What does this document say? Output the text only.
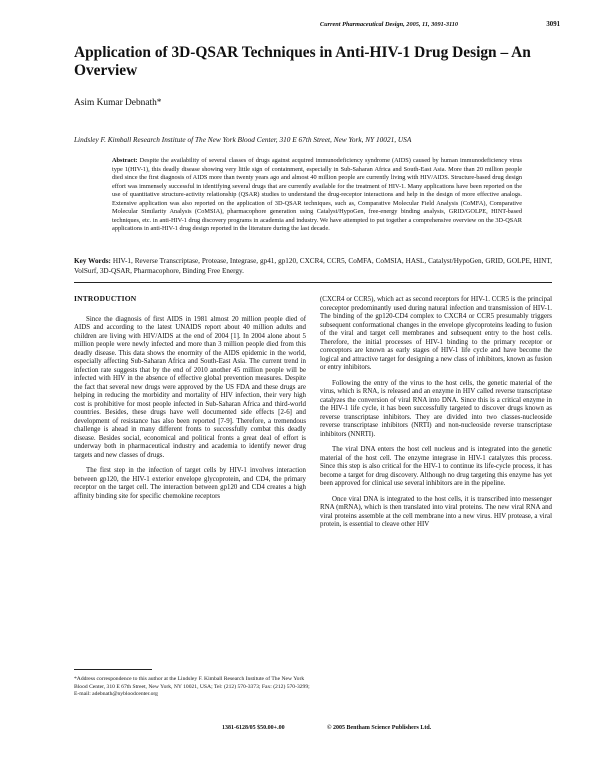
Current Pharmaceutical Design, 2005, 11, 3091-3110	3091
Application of 3D-QSAR Techniques in Anti-HIV-1 Drug Design – An Overview
Asim Kumar Debnath*
Lindsley F. Kimball Research Institute of The New York Blood Center, 310 E 67th Street, New York, NY 10021, USA

Abstract: Despite the availability of several classes of drugs against acquired immunodeficiency syndrome (AIDS) caused by human immunodeficiency virus type 1(HIV-1), this deadly disease showing very little sign of containment, especially in Sub-Saharan Africa and South-East Asia. More than 20 million people died since the first diagnosis of AIDS more than twenty years ago and almost 40 million people are currently living with HIV/AIDS. Structure-based drug design effort was immensely successful in identifying several drugs that are currently available for the treatment of HIV-1. Many applications have been reported on the use of quantitative structure-activity relationship (QSAR) studies to understand the drug-receptor interactions and help in the design of more effective analogs. Extensive application was also reported on the application of 3D-QSAR techniques, such as, Comparative Molecular Field Analysis (CoMFA), Comparative Molecular Similarity Analysis (CoMSIA), pharmacophore generation using Catalyst/HypoGen, free-energy binding analysis, GRID/GOLPE, HINT-based techniques, etc. in anti-HIV-1 drug discovery programs in academia and industry. We have attempted to put together a comprehensive overview on the 3D-QSAR applications in anti-HIV-1 drug design reported in the literature during the last decade.

Key Words: HIV-1, Reverse Transcriptase, Protease, Integrase, gp41, gp120, CXCR4, CCR5, CoMFA, CoMSIA, HASL, Catalyst/HypoGen, GRID, GOLPE, HINT, VolSurf, 3D-QSAR, Pharmacophore, Binding Free Energy.

INTRODUCTION

Since the diagnosis of first AIDS in 1981 almost 20 million people died of AIDS and according to the latest UNAIDS report about 40 million adults and children are living with HIV/AIDS at the end of 2004 [1]. In 2004 alone about 5 million people were newly infected and more than 3 million people died from this deadly disease. This data shows the enormity of the AIDS epidemic in the world, especially affecting Sub-Saharan Africa and South-East Asia. The current trend in infection rate suggests that by the end of 2010 another 45 million people will be infected with HIV in the absence of effective global prevention measures. Despite the fact that several new drugs were approved by the US FDA and these drugs are helping in reducing the morbidity and mortality of HIV infection, their very high cost is prohibitive for most people infected in Sub-Saharan Africa and third-world countries. Besides, these drugs have well documented side effects [2-6] and development of resistance has also been reported [7-9]. Therefore, a tremendous challenge is ahead in many different fronts to successfully combat this deadly disease. Besides social, economical and political fronts a great deal of effort is underway both in pharmaceutical industry and academia to identify newer drug targets and new classes of drugs.

The first step in the infection of target cells by HIV-1 involves interaction between gp120, the HIV-1 exterior envelope glycoprotein, and CD4, the primary receptor on the target cell. The interaction between gp120 and CD4 creates a high affinity binding site for specific chemokine receptors

(CXCR4 or CCR5), which act as second receptors for HIV-1. CCR5 is the principal coreceptor predominantly used during natural infection and transmission of HIV-1. The binding of the gp120-CD4 complex to CXCR4 or CCR5 presumably triggers subsequent conformational changes in the envelope glycoproteins leading to fusion of the viral and target cell membranes and subsequent entry to the host cells. Therefore, the initial processes of HIV-1 binding to the primary receptor or coreceptors are known as early stages of HIV-1 life cycle and have become the logical and attractive target for designing a new class of inhibitors, known as fusion or entry inhibitors.

Following the entry of the virus to the host cells, the genetic material of the virus, which is RNA, is released and an enzyme in HIV called reverse transcriptase catalyzes the conversion of viral RNA into DNA. Since this is a critical enzyme in the HIV-1 life cycle, it has been successfully targeted to discover drugs known as reverse transcriptase inhibitors. They are divided into two classes-nucleoside reverse transcriptase inhibitors (NRTI) and non-nucleoside reverse transcriptase inhibitors (NNRTI).

The viral DNA enters the host cell nucleus and is integrated into the genetic material of the host cell. The enzyme integrase in HIV-1 catalyzes this process. Since this step is also critical for the HIV-1 to continue its life-cycle process, it has become a target for drug discovery. Although no drug targeting this enzyme has yet been approved for clinical use several inhibitors are in the pipeline.

Once viral DNA is integrated to the host cells, it is transcribed into messenger RNA (mRNA), which is then translated into viral proteins. The new viral RNA and viral proteins assemble at the cell membrane into a new virus. HIV protease, a viral protein, is essential to cleave other HIV

*Address correspondence to this author at the Lindsley F. Kimball Research Institute of The New York Blood Center, 310 E 67th Street, New York, NY 10021, USA; Tel: (212) 570-3373; Fax: (212) 570-3299; E-mail: adebnath@nybloodcenter.org

1381-6128/05 $50.00+.00	© 2005 Bentham Science Publishers Ltd.
